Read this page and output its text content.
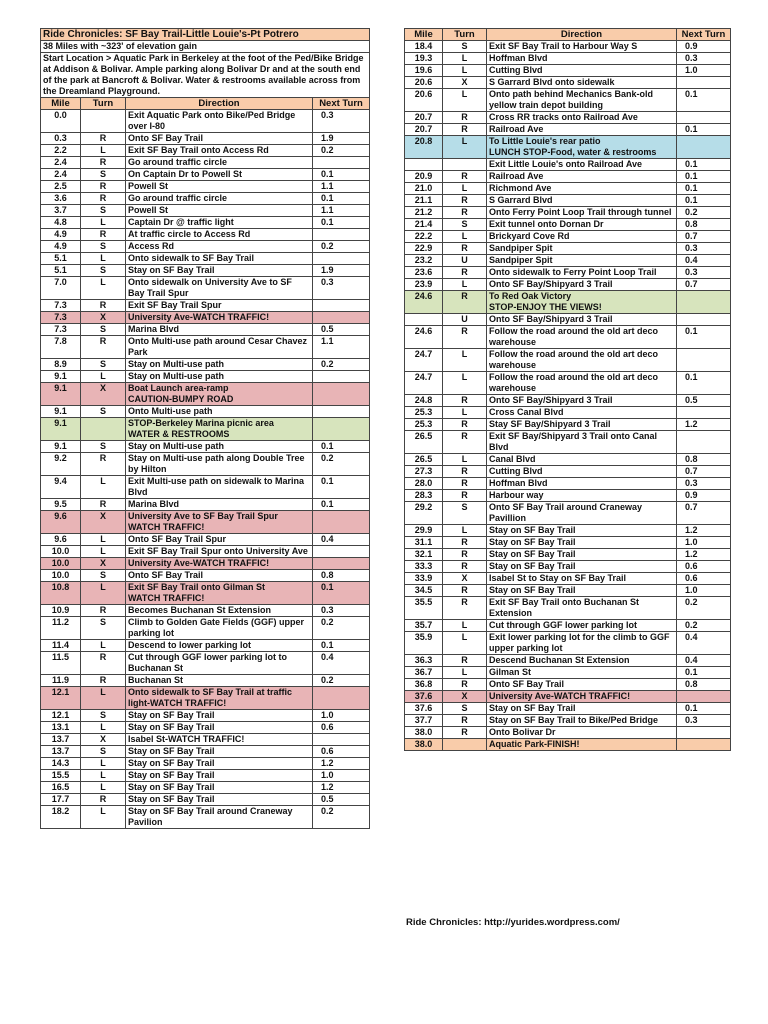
Ride Chronicles: SF Bay Trail-Little Louie's-Pt Potrero			
38 Miles with ~323' of elevation gain			
Start Location > Aquatic Park in Berkeley at the foot of the Ped/Bike Bridge at Addison & Bolivar. Ample parking along Bolivar Dr and at the south end of the park at Bancroft & Bolivar. Water & restrooms available across from the Dreamland Playground.			
Mile	Turn	Direction	Next Turn
0.0		Exit Aquatic Park onto Bike/Ped Bridge over I-80	0.3
0.3	R	Onto SF Bay Trail	1.9
2.2	L	Exit SF Bay Trail onto Access Rd	0.2
2.4	R	Go around traffic circle	
2.4	S	On Captain Dr to Powell St	0.1
2.5	R	Powell St	1.1
3.6	R	Go around traffic circle	0.1
3.7	S	Powell St	1.1
4.8	L	Captain Dr @ traffic light	0.1
4.9	R	At traffic circle to Access Rd	
4.9	S	Access Rd	0.2
5.1	L	Onto sidewalk to SF Bay Trail	
5.1	S	Stay on SF Bay Trail	1.9
7.0	L	Onto sidewalk on University Ave to SF Bay Trail Spur	0.3
7.3	R	Exit SF Bay Trail Spur	
7.3	X	University Ave-WATCH TRAFFIC!	
7.3	S	Marina Blvd	0.5
7.8	R	Onto Multi-use path around Cesar Chavez Park	1.1
8.9	S	Stay on Multi-use path	0.2
9.1	L	Stay on Multi-use path	
9.1	X	Boat Launch area-ramp
CAUTION-BUMPY ROAD	
9.1	S	Onto Multi-use path	
9.1		STOP-Berkeley Marina picnic area
WATER & RESTROOMS	
9.1	S	Stay on Multi-use path	0.1
9.2	R	Stay on Multi-use path along Double Tree by Hilton	0.2
9.4	L	Exit Multi-use path on sidewalk to Marina Blvd	0.1
9.5	R	Marina Blvd	0.1
9.6	X	University Ave to SF Bay Trail Spur
WATCH TRAFFIC!	
9.6	L	Onto SF Bay Trail Spur	0.4
10.0	L	Exit SF Bay Trail Spur onto University Ave	
10.0	X	University Ave-WATCH TRAFFIC!	
10.0	S	Onto SF Bay Trail	0.8
10.8	L	Exit SF Bay Trail onto Gilman St
WATCH TRAFFIC!	0.1
10.9	R	Becomes Buchanan St Extension	0.3
11.2	S	Climb to Golden Gate Fields (GGF) upper parking lot	0.2
11.4	L	Descend to lower parking lot	0.1
11.5	R	Cut through GGF lower parking lot to Buchanan St	0.4
11.9	R	Buchanan St	0.2
12.1	L	Onto sidewalk to SF Bay Trail at traffic light-WATCH TRAFFIC!	
12.1	S	Stay on SF Bay Trail	1.0
13.1	L	Stay on SF Bay Trail	0.6
13.7	X	Isabel St-WATCH TRAFFIC!	
13.7	S	Stay on SF Bay Trail	0.6
14.3	L	Stay on SF Bay Trail	1.2
15.5	L	Stay on SF Bay Trail	1.0
16.5	L	Stay on SF Bay Trail	1.2
17.7	R	Stay on SF Bay Trail	0.5
18.2	L	Stay on SF Bay Trail around Craneway Pavilion	0.2
Mile	Turn	Direction	Next Turn
18.4	S	Exit SF Bay Trail to Harbour Way S	0.9
19.3	L	Hoffman Blvd	0.3
19.6	L	Cutting Blvd	1.0
20.6	X	S Garrard Blvd onto sidewalk	
20.6	L	Onto path behind Mechanics Bank-old yellow train depot building	0.1
20.7	R	Cross RR tracks onto Railroad Ave	
20.7	R	Railroad Ave	0.1
20.8	L	To Little Louie's rear patio
LUNCH STOP-Food, water & restrooms	
		Exit Little Louie's onto Railroad Ave	0.1
20.9	R	Railroad Ave	0.1
21.0	L	Richmond Ave	0.1
21.1	R	S Garrard Blvd	0.1
21.2	R	Onto Ferry Point Loop Trail through tunnel	0.2
21.4	S	Exit tunnel onto Dornan Dr	0.8
22.2	L	Brickyard Cove Rd	0.7
22.9	R	Sandpiper Spit	0.3
23.2	U	Sandpiper Spit	0.4
23.6	R	Onto sidewalk to Ferry Point Loop Trail	0.3
23.9	L	Onto SF Bay/Shipyard 3 Trail	0.7
24.6	R	To Red Oak Victory
STOP-ENJOY THE VIEWS!	
	U	Onto SF Bay/Shipyard 3 Trail	
24.6	R	Follow the road around the old art deco warehouse	0.1
24.7	L	Follow the road around the old art deco warehouse	
24.7	L	Follow the road around the old art deco warehouse	0.1
24.8	R	Onto SF Bay/Shipyard 3 Trail	0.5
25.3	L	Cross Canal Blvd	
25.3	R	Stay SF Bay/Shipyard 3 Trail	1.2
26.5	R	Exit SF Bay/Shipyard 3 Trail onto Canal Blvd	
26.5	L	Canal Blvd	0.8
27.3	R	Cutting Blvd	0.7
28.0	R	Hoffman Blvd	0.3
28.3	R	Harbour way	0.9
29.2	S	Onto SF Bay Trail around Craneway Pavillion	0.7
29.9	L	Stay on SF Bay Trail	1.2
31.1	R	Stay on SF Bay Trail	1.0
32.1	R	Stay on SF Bay Trail	1.2
33.3	R	Stay on SF Bay Trail	0.6
33.9	X	Isabel St to Stay on SF Bay Trail	0.6
34.5	R	Stay on SF Bay Trail	1.0
35.5	R	Exit SF Bay Trail onto Buchanan St Extension	0.2
35.7	L	Cut through GGF lower parking lot	0.2
35.9	L	Exit lower parking lot for the climb to GGF upper parking lot	0.4
36.3	R	Descend Buchanan St Extension	0.4
36.7	L	Gilman St	0.1
36.8	R	Onto SF Bay Trail	0.8
37.6	X	University Ave-WATCH TRAFFIC!	
37.6	S	Stay on SF Bay Trail	0.1
37.7	R	Stay on SF Bay Trail to Bike/Ped Bridge	0.3
38.0	R	Onto Bolivar Dr	
38.0		Aquatic Park-FINISH!	
Ride Chronicles: http://yurides.wordpress.com/
